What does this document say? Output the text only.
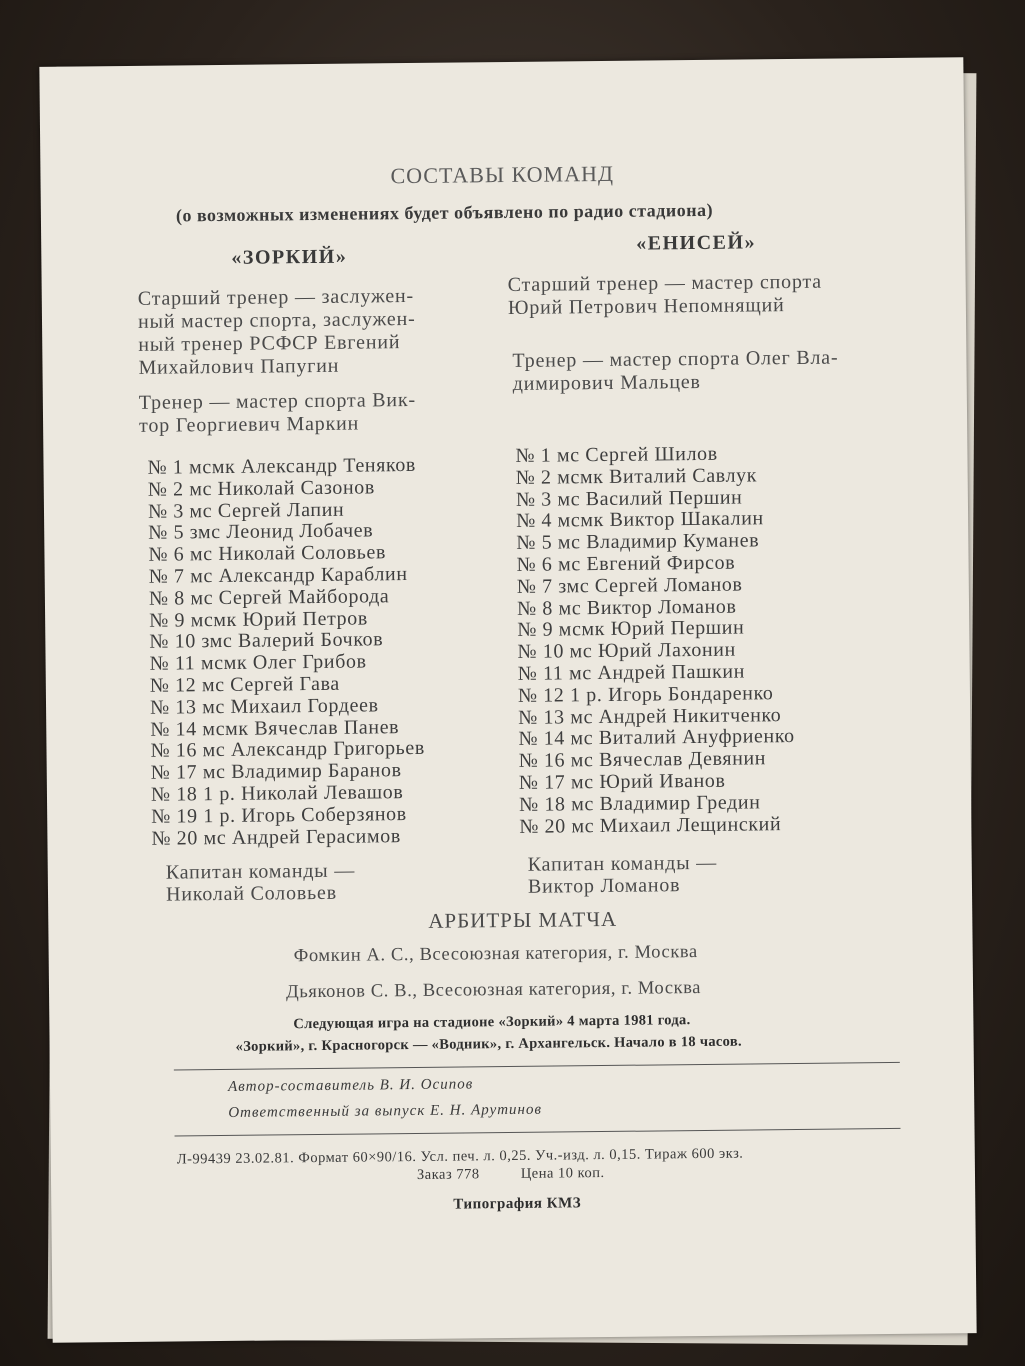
СОСТАВЫ КОМАНД
(о возможных изменениях будет объявлено по радио стадиона)
«ЗОРКИЙ»
Старший тренер — заслужен-
ный мастер спорта, заслужен-
ный тренер РСФСР Евгений
Михайлович Папугин
Тренер — мастер спорта Вик-
тор Георгиевич Маркин
№ 1 мсмк Александр Теняков
№ 2 мс Николай Сазонов
№ 3 мс Сергей Лапин
№ 5 змс Леонид Лобачев
№ 6 мс Николай Соловьев
№ 7 мс Александр Караблин
№ 8 мс Сергей Майборода
№ 9 мсмк Юрий Петров
№ 10 змс Валерий Бочков
№ 11 мсмк Олег Грибов
№ 12 мс Сергей Гава
№ 13 мс Михаил Гордеев
№ 14 мсмк Вячеслав Панев
№ 16 мс Александр Григорьев
№ 17 мс Владимир Баранов
№ 18 1 р. Николай Левашов
№ 19 1 р. Игорь Соберзянов
№ 20 мс Андрей Герасимов
Капитан команды —
Николай Соловьев
«ЕНИСЕЙ»
Старший тренер — мастер спорта
Юрий Петрович Непомнящий
Тренер — мастер спорта Олег Вла-
димирович Мальцев
№ 1 мс Сергей Шилов
№ 2 мсмк Виталий Савлук
№ 3 мс Василий Першин
№ 4 мсмк Виктор Шакалин
№ 5 мс Владимир Куманев
№ 6 мс Евгений Фирсов
№ 7 змс Сергей Ломанов
№ 8 мс Виктор Ломанов
№ 9 мсмк Юрий Першин
№ 10 мс Юрий Лахонин
№ 11 мс Андрей Пашкин
№ 12 1 р. Игорь Бондаренко
№ 13 мс Андрей Никитченко
№ 14 мс Виталий Ануфриенко
№ 16 мс Вячеслав Девянин
№ 17 мс Юрий Иванов
№ 18 мс Владимир Гредин
№ 20 мс Михаил Лещинский
Капитан команды —
Виктор Ломанов
АРБИТРЫ МАТЧА
Фомкин А. С., Всесоюзная категория, г. Москва
Дьяконов С. В., Всесоюзная категория, г. Москва
Следующая игра на стадионе «Зоркий» 4 марта 1981 года.
«Зоркий», г. Красногорск — «Водник», г. Архангельск. Начало в 18 часов.
Автор-составитель В. И. Осипов
Ответственный за выпуск Е. Н. Арутинов
Л-99439 23.02.81. Формат 60×90/16. Усл. печ. л. 0,25. Уч.-изд. л. 0,15. Тираж 600 экз.
Заказ 778          Цена 10 коп.
Типография КМЗ
